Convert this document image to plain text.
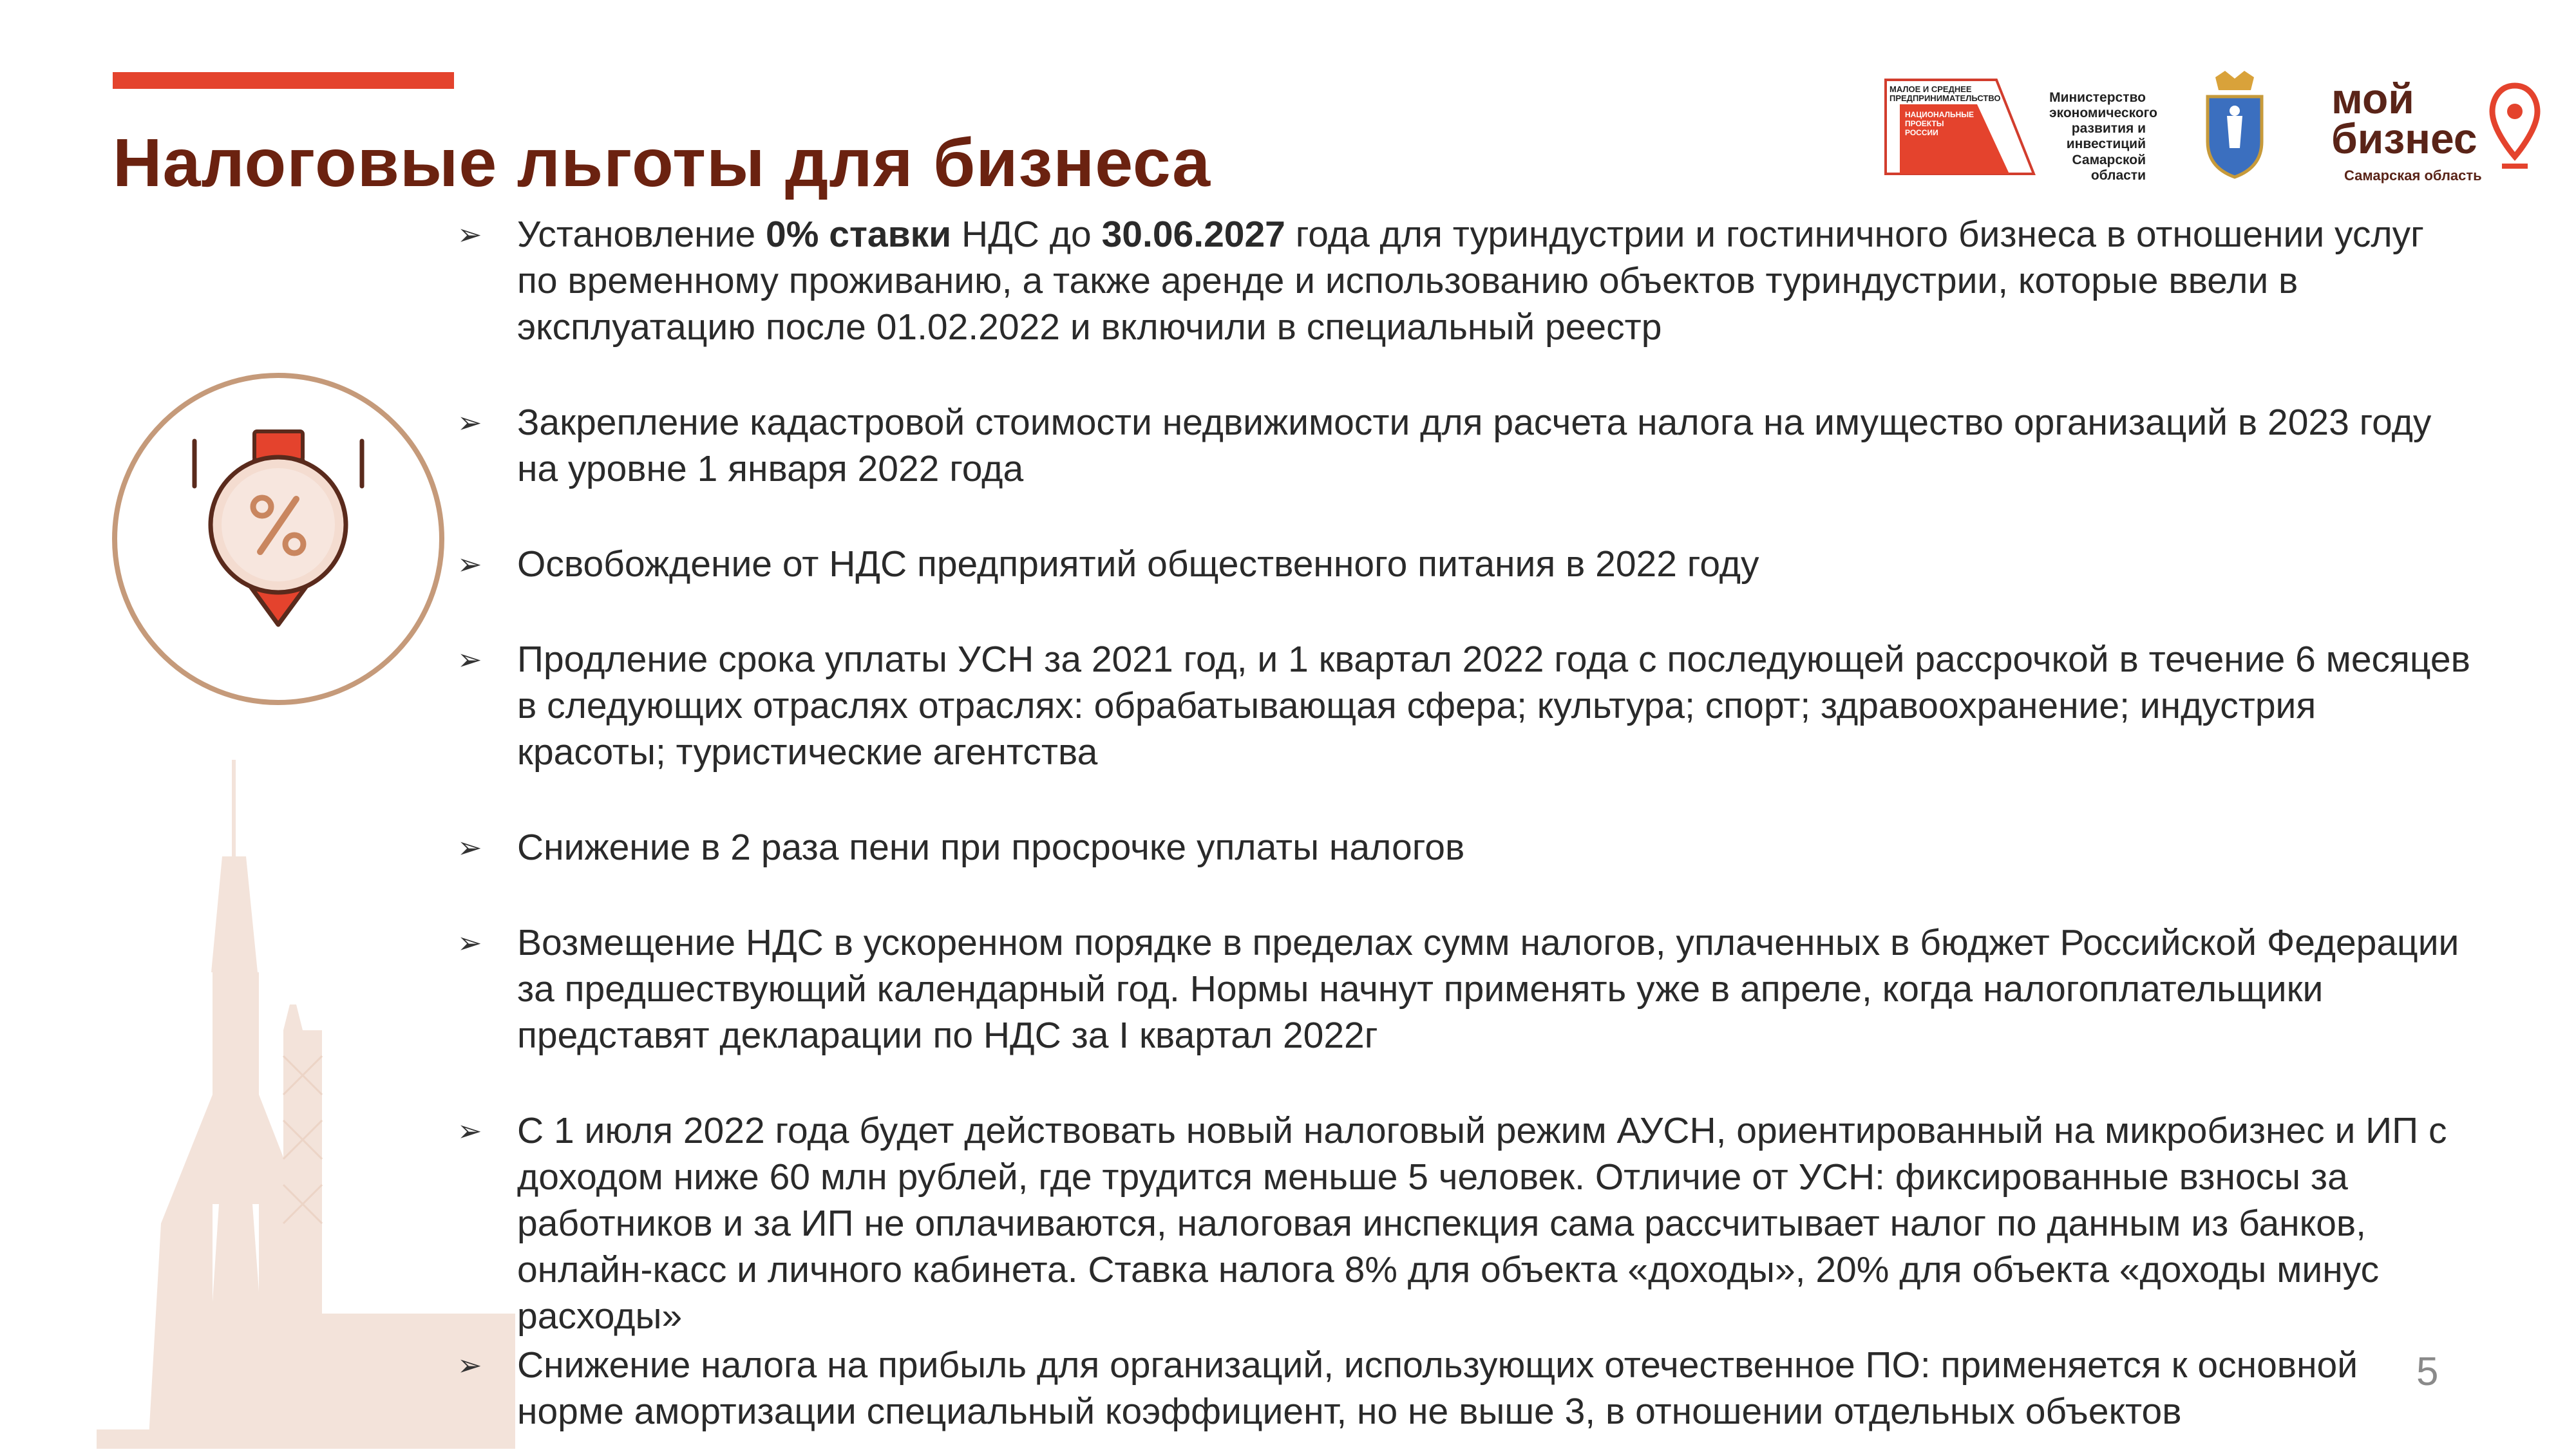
Налоговые льготы для бизнеса
МАЛОЕ И СРЕДНЕЕ ПРЕДПРИНИМАТЕЛЬСТВО
НАЦИОНАЛЬНЫЕ ПРОЕКТЫ РОССИИ
Министерство экономического развития и инвестиций Самарской области
мой
бизнес
Самарская область
➢ Установление 0% ставки НДС до 30.06.2027 года для туриндустрии и гостиничного бизнеса в отношении услуг
по временному проживанию, а также аренде и использованию объектов туриндустрии, которые ввели в
эксплуатацию после 01.02.2022 и включили в специальный реестр
➢ Закрепление кадастровой стоимости недвижимости для расчета налога на имущество организаций в 2023 году
на уровне 1 января 2022 года
➢ Освобождение от НДС предприятий общественного питания в 2022 году
➢ Продление срока уплаты УСН за 2021 год, и 1 квартал 2022 года с последующей рассрочкой в течение 6 месяцев
в следующих отраслях отраслях: обрабатывающая сфера; культура; спорт; здравоохранение; индустрия
красоты; туристические агентства
➢ Снижение в 2 раза пени при просрочке уплаты налогов
➢ Возмещение НДС в ускоренном порядке в пределах сумм налогов, уплаченных в бюджет Российской Федерации
за предшествующий календарный год. Нормы начнут применять уже в апреле, когда налогоплательщики
представят декларации по НДС за I квартал 2022г
➢ С 1 июля 2022 года будет действовать новый налоговый режим АУСН, ориентированный на микробизнес и ИП с
доходом ниже 60 млн рублей, где трудится меньше 5 человек. Отличие от УСН: фиксированные взносы за
работников и за ИП не оплачиваются, налоговая инспекция сама рассчитывает налог по данным из банков,
онлайн-касс и личного кабинета. Ставка налога 8% для объекта «доходы», 20% для объекта «доходы минус
расходы»
➢ Снижение налога на прибыль для организаций, использующих отечественное ПО: применяется к основной
норме амортизации специальный коэффициент, но не выше 3, в отношении отдельных объектов
5
